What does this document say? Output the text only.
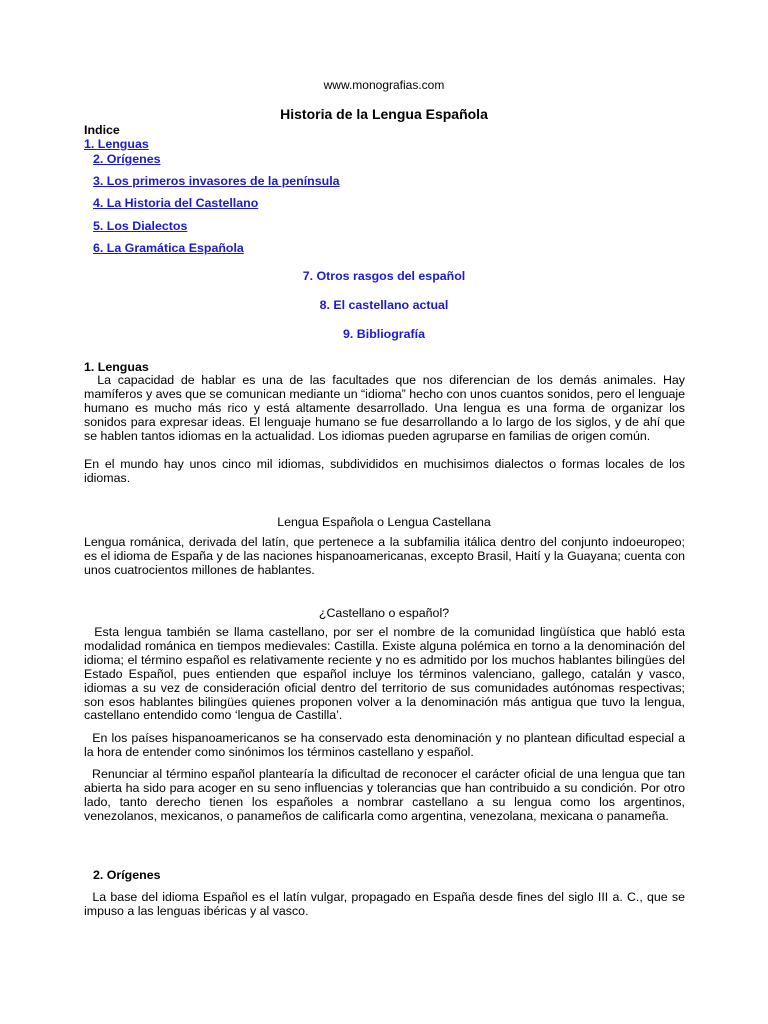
www.monografias.com
Historia de la Lengua Española
Indice
1. Lenguas
2. Orígenes
3. Los primeros invasores de la península
4. La Historia del Castellano
5. Los Dialectos
6. La Gramática Española
7. Otros rasgos del español
8. El castellano actual
9. Bibliografía
1. Lenguas

La capacidad de hablar es una de las facultades que nos diferencian de los demás animales. Hay mamíferos y aves que se comunican mediante un “idioma” hecho con unos cuantos sonidos, pero el lenguaje humano es mucho más rico y está altamente desarrollado. Una lengua es una forma de organizar los sonidos para expresar ideas. El lenguaje humano se fue desarrollando a lo largo de los siglos, y de ahí que se hablen tantos idiomas en la actualidad. Los idiomas pueden agruparse en familias de origen común.

En el mundo hay unos cinco mil idiomas, subdivididos en muchisimos dialectos o formas locales de los idiomas.

Lengua Española o Lengua Castellana

Lengua románica, derivada del latín, que pertenece a la subfamilia itálica dentro del conjunto indoeuropeo; es el idioma de España y de las naciones hispanoamericanas, excepto Brasil, Haití y la Guayana; cuenta con unos cuatrocientos millones de hablantes.

¿Castellano o español?

Esta lengua también se llama castellano, por ser el nombre de la comunidad lingüística que habló esta modalidad románica en tiempos medievales: Castilla. Existe alguna polémica en torno a la denominación del idioma; el término español es relativamente reciente y no es admitido por los muchos hablantes bilingües del Estado Español, pues entienden que español incluye los términos valenciano, gallego, catalán y vasco, idiomas a su vez de consideración oficial dentro del territorio de sus comunidades autónomas respectivas; son esos hablantes bilingües quienes proponen volver a la denominación más antigua que tuvo la lengua, castellano entendido como ‘lengua de Castilla’.

En los países hispanoamericanos se ha conservado esta denominación y no plantean dificultad especial a la hora de entender como sinónimos los términos castellano y español.

Renunciar al término español plantearía la dificultad de reconocer el carácter oficial de una lengua que tan abierta ha sido para acoger en su seno influencias y tolerancias que han contribuido a su condición. Por otro lado, tanto derecho tienen los españoles a nombrar castellano a su lengua como los argentinos, venezolanos, mexicanos, o panameños de calificarla como argentina, venezolana, mexicana o panameña.

2. Orígenes

La base del idioma Español es el latín vulgar, propagado en España desde fines del siglo III a. C., que se impuso a las lenguas ibéricas y al vasco.
